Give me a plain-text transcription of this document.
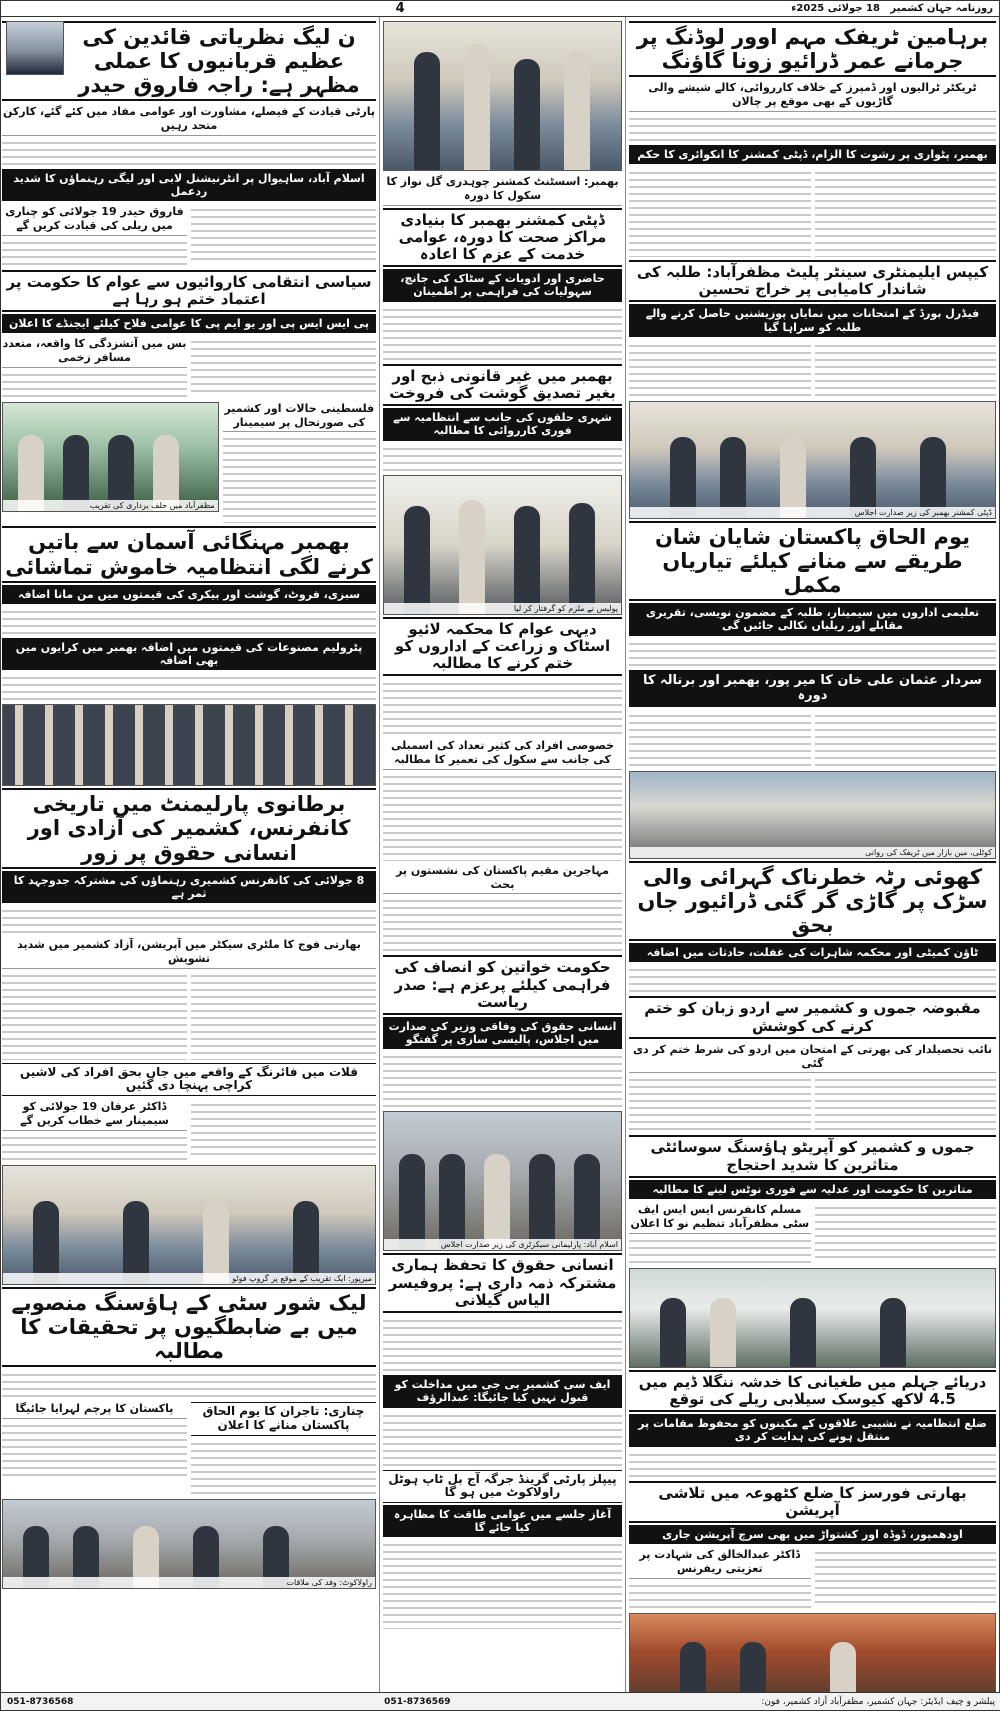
روزنامہ جہان کشمیر   18 جولائی 2025ء
4
برہامین ٹریفک مہم اوور لوڈنگ پر جرمانے عمر ڈرائیو زونا گاؤنگ
ٹریکٹر ٹرالیوں اور ڈمپرز کے خلاف کارروائی، کالے شیشے والی گاڑیوں کے بھی موقع پر چالان
بھمبر، پٹواری پر رشوت کا الزام، ڈپٹی کمشنر کا انکوائری کا حکم
کیپس ایلیمنٹری سینٹر پلیٹ مظفرآباد: طلبہ کی شاندار کامیابی پر خراج تحسین
فیڈرل بورڈ کے امتحانات میں نمایاں پوزیشنیں حاصل کرنے والے طلبہ کو سراہا گیا
ڈپٹی کمشنر بھمبر کی زیر صدارت اجلاس
یوم الحاق پاکستان شایان شان طریقے سے منانے کیلئے تیاریاں مکمل
تعلیمی اداروں میں سیمینار، طلبہ کے مضمون نویسی، تقریری مقابلے اور ریلیاں نکالی جائیں گی
سردار عثمان علی خان کا میر پور، بھمبر اور برنالہ کا دورہ
کوٹلی، مین بازار میں ٹریفک کی روانی
کھوئی رٹہ خطرناک گہرائی والی سڑک پر گاڑی گر گئی ڈرائیور جاں بحق
ٹاؤن کمیٹی اور محکمہ شاہرات کی غفلت، حادثات میں اضافہ
مقبوضہ جموں و کشمیر سے اردو زبان کو ختم کرنے کی کوشش
نائب تحصیلدار کی بھرتی کے امتحان میں اردو کی شرط ختم کر دی گئی
جموں و کشمیر کو آپریٹو ہاؤسنگ سوسائٹی متاثرین کا شدید احتجاج
متاثرین کا حکومت اور عدلیہ سے فوری نوٹس لینے کا مطالبہ
مسلم کانفرنس ایس ایس ایف سٹی مظفرآباد تنظیم نو کا اعلان
دریائے جہلم میں طغیانی کا خدشہ ننگلا ڈیم میں 4.5 لاکھ کیوسک سیلابی ریلے کی توقع
ضلع انتظامیہ نے نشیبی علاقوں کے مکینوں کو محفوظ مقامات پر منتقل ہونے کی ہدایت کر دی
بھارتی فورسز کا ضلع کٹھوعہ میں تلاشی آپریشن
اودھمپور، ڈوڈہ اور کشتواڑ میں بھی سرچ آپریشن جاری
ڈاکٹر عبدالخالق کی شہادت پر تعزیتی ریفرنس
بھمبر: اسسٹنٹ کمشنر چوہدری گل نواز کا سکول کا دورہ
ڈپٹی کمشنر بھمبر کا بنیادی مراکز صحت کا دورہ، عوامی خدمت کے عزم کا اعادہ
حاضری اور ادویات کے سٹاک کی جانچ، سہولیات کی فراہمی پر اطمینان
بھمبر میں غیر قانونی ذبح اور بغیر تصدیق گوشت کی فروخت
شہری حلقوں کی جانب سے انتظامیہ سے فوری کارروائی کا مطالبہ
پولیس نے ملزم کو گرفتار کر لیا
دیہی عوام کا محکمہ لائیو اسٹاک و زراعت کے اداروں کو ختم کرنے کا مطالبہ
خصوصی افراد کی کثیر تعداد کی اسمبلی کی جانب سے سکول کی تعمیر کا مطالبہ
مہاجرین مقیم پاکستان کی نشستوں پر بحث
حکومت خواتین کو انصاف کی فراہمی کیلئے پرعزم ہے: صدر ریاست
انسانی حقوق کی وفاقی وزیر کی صدارت میں اجلاس، پالیسی سازی پر گفتگو
اسلام آباد: پارلیمانی سیکرٹری کی زیر صدارت اجلاس
انسانی حقوق کا تحفظ ہماری مشترکہ ذمہ داری ہے: پروفیسر الیاس گیلانی
ایف سی کشمیر بی جی میں مداخلت کو قبول نہیں کیا جائیگا: عبدالرؤف
پیپلز پارٹی گرینڈ جرگہ آج بل ٹاپ ہوٹل راولاکوٹ میں ہو گا
آغاز جلسے میں عوامی طاقت کا مظاہرہ کیا جائے گا
ن لیگ نظریاتی قائدین کی عظیم قربانیوں کا عملی مظہر ہے: راجہ فاروق حیدر
پارٹی قیادت کے فیصلے، مشاورت اور عوامی مفاد میں کئے گئے، کارکن متحد رہیں
اسلام آباد، ساہیوال پر انٹرنیشنل لابی اور لیگی رہنماؤں کا شدید ردعمل
فاروق حیدر 19 جولائی کو چناری میں ریلی کی قیادت کریں گے
سیاسی انتقامی کاروائیوں سے عوام کا حکومت پر اعتماد ختم ہو رہا ہے
پی ایس ایس پی اور یو ایم پی کا عوامی فلاح کیلئے ایجنڈے کا اعلان
بس میں آتشزدگی کا واقعہ، متعدد مسافر زخمی
فلسطینی حالات اور کشمیر کی صورتحال پر سیمینار
مظفرآباد میں حلف برداری کی تقریب
بھمبر مہنگائی آسمان سے باتیں کرنے لگی انتظامیہ خاموش تماشائی
سبزی، فروٹ، گوشت اور بیکری کی قیمتوں میں من مانا اضافہ
پٹرولیم مصنوعات کی قیمتوں میں اضافہ بھمبر میں کرایوں میں بھی اضافہ
برطانوی پارلیمنٹ میں تاریخی کانفرنس، کشمیر کی آزادی اور انسانی حقوق پر زور
8 جولائی کی کانفرنس کشمیری رہنماؤں کی مشترکہ جدوجہد کا ثمر ہے
بھارتی فوج کا ملٹری سیکٹر میں آپریشن، آزاد کشمیر میں شدید تشویش
قلات میں فائرنگ کے واقعے میں جاں بحق افراد کی لاشیں کراچی پہنچا دی گئیں
ڈاکٹر عرفان 19 جولائی کو سیمینار سے خطاب کریں گے
میرپور: ایک تقریب کے موقع پر گروپ فوٹو
لیک شور سٹی کے ہاؤسنگ منصوبے میں بے ضابطگیوں پر تحقیقات کا مطالبہ
چناری: تاجران کا یوم الحاق پاکستان منانے کا اعلان
پاکستان کا پرچم لہرایا جائیگا
راولاکوٹ: وفد کی ملاقات
پبلشر و چیف ایڈیٹر: جہان کشمیر، مظفرآباد آزاد کشمیر، فون:
051-8736569
051-8736568
